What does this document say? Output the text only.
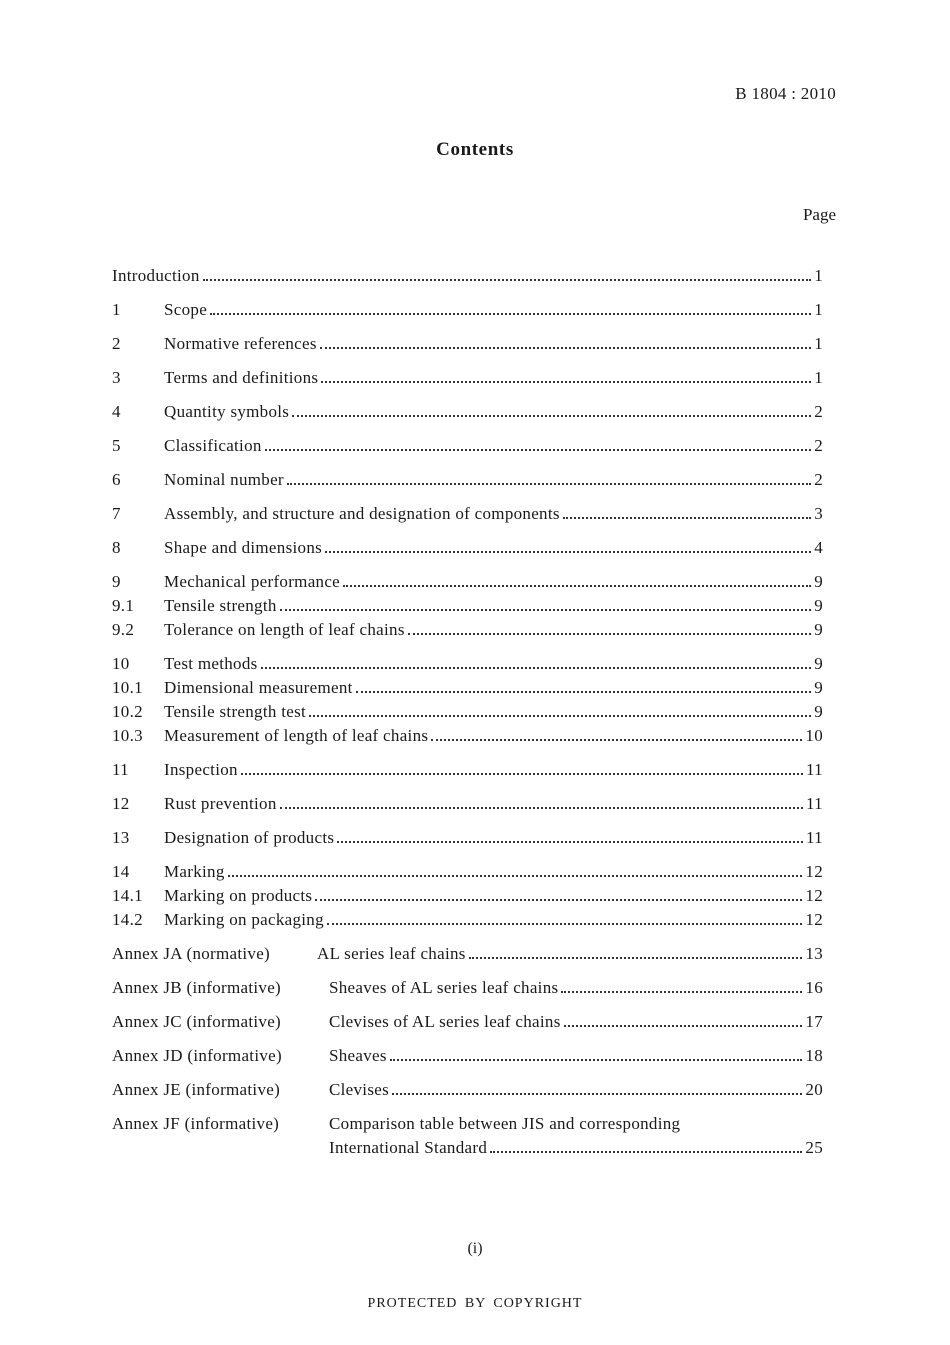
B 1804 : 2010
Contents
Page
Introduction	1
1	Scope	1
2	Normative references	1
3	Terms and definitions	1
4	Quantity symbols	2
5	Classification	2
6	Nominal number	2
7	Assembly, and structure and designation of components	3
8	Shape and dimensions	4
9	Mechanical performance	9
9.1	Tensile strength	9
9.2	Tolerance on length of leaf chains	9
10	Test methods	9
10.1	Dimensional measurement	9
10.2	Tensile strength test	9
10.3	Measurement of length of leaf chains	10
11	Inspection	11
12	Rust prevention	11
13	Designation of products	11
14	Marking	12
14.1	Marking on products	12
14.2	Marking on packaging	12
Annex JA (normative)	AL series leaf chains	13
Annex JB (informative)	Sheaves of AL series leaf chains	16
Annex JC (informative)	Clevises of AL series leaf chains	17
Annex JD (informative)	Sheaves	18
Annex JE (informative)	Clevises	20
Annex JF (informative)	Comparison table between JIS and corresponding
International Standard	25
(i)
PROTECTED BY COPYRIGHT
